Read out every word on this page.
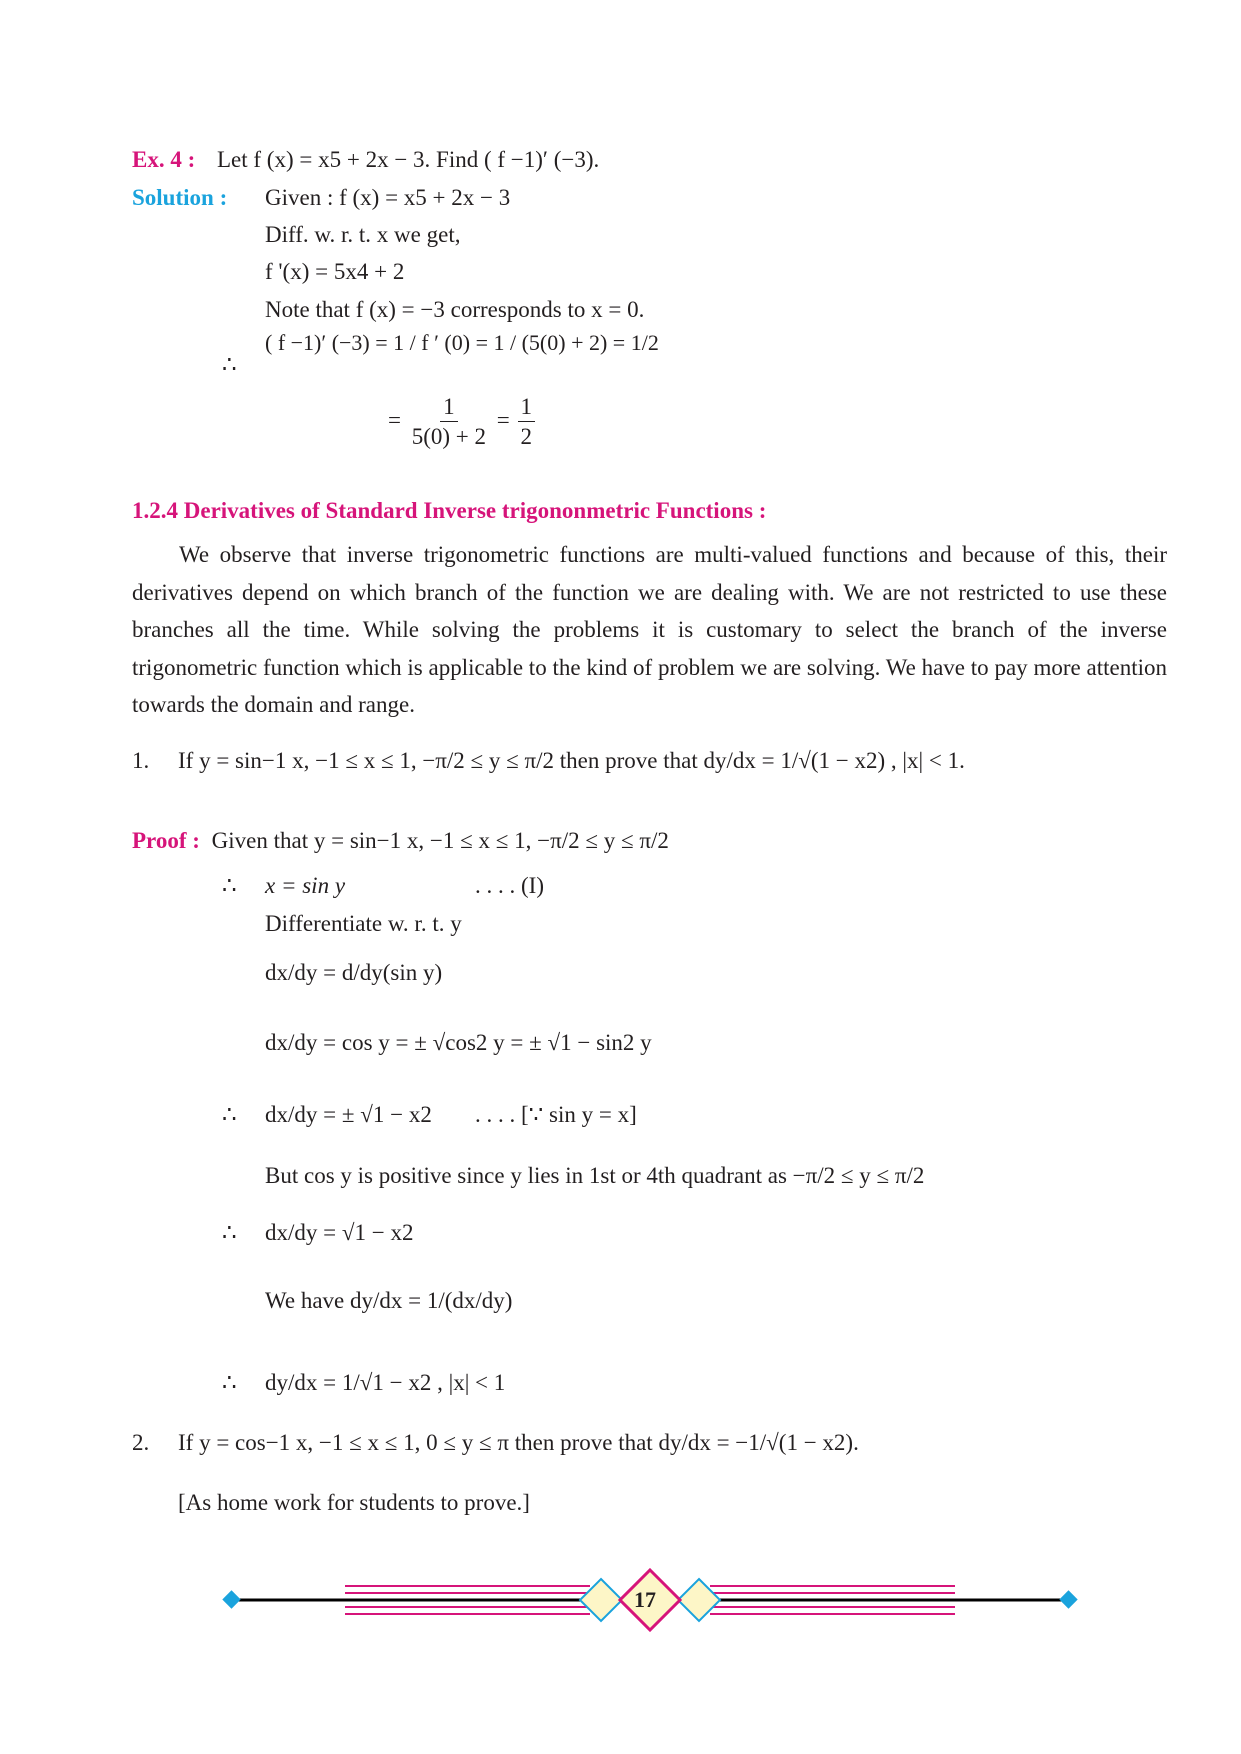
Ex. 4 : Let f (x) = x5 + 2x − 3. Find ( f −1)′ (−3).
Solution : Given : f (x) = x5 + 2x − 3
Diff. w. r. t. x we get,
f '(x) = 5x4 + 2
Note that f (x) = −3 corresponds to x = 0.
∴
( f −1)′ (−3) = 1 / f ′ (0) = 1 / (5(0) + 2) = 1/2
= $\frac{1}{5(0) + 2} = \frac{1}{2}$
1.2.4 Derivatives of Standard Inverse trigononmetric Functions :
We observe that inverse trigonometric functions are multi-valued functions and because of this, their derivatives depend on which branch of the function we are dealing with. We are not restricted to use these branches all the time. While solving the problems it is customary to select the branch of the inverse trigonometric function which is applicable to the kind of problem we are solving. We have to pay more attention towards the domain and range.
1. If y = sin−1 x, −1 ≤ x ≤ 1, −π/2 ≤ y ≤ π/2 then prove that dy/dx = 1/√(1 − x2) , |x| < 1.
Proof : Given that y = sin−1 x, −1 ≤ x ≤ 1, −π/2 ≤ y ≤ π/2
∴ x = sin y	. . . . (I)
Differentiate w. r. t. y
dx/dy = d/dy(sin y)
dx/dy = cos y = ± √cos2 y = ± √1 − sin2 y
∴ dx/dy = ± √1 − x2 . . . . [∵ sin y = x]
But cos y is positive since y lies in 1st or 4th quadrant as −π/2 ≤ y ≤ π/2
∴ dx/dy = √1 − x2
We have dy/dx = 1/(dx/dy)
∴ dy/dx = 1/√1 − x2 , |x| < 1
2. If y = cos−1 x, −1 ≤ x ≤ 1, 0 ≤ y ≤ π then prove that dy/dx = −1/√(1 − x2).
[As home work for students to prove.]
17
